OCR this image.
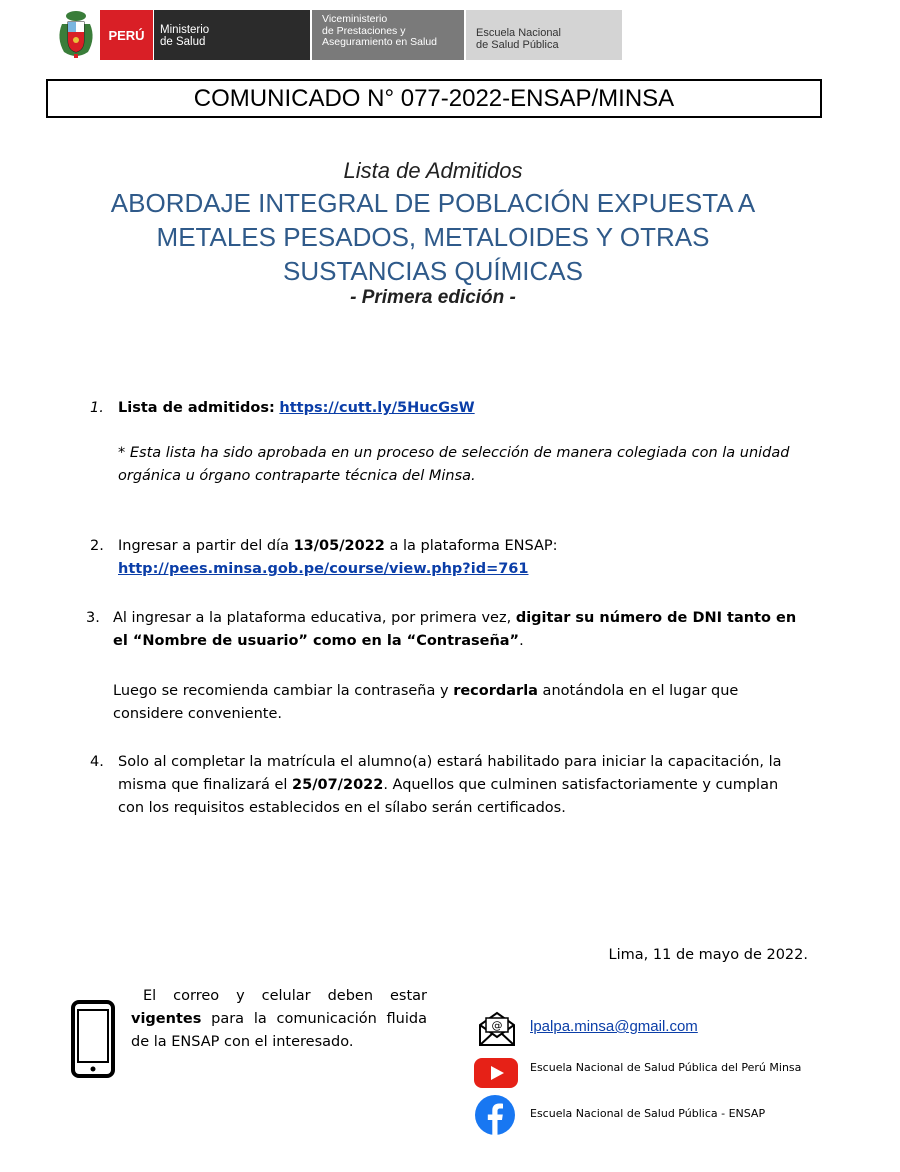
PERÚ	Ministerio
de Salud
Viceministerio
de Prestaciones y
Aseguramiento en Salud
Escuela Nacional
de Salud Pública
COMUNICADO N° 077-2022-ENSAP/MINSA
Lista de Admitidos
ABORDAJE INTEGRAL DE POBLACIÓN EXPUESTA A
METALES PESADOS, METALOIDES Y OTRAS
SUSTANCIAS QUÍMICAS
- Primera edición -
1. Lista de admitidos: https://cutt.ly/5HucGsW
* Esta lista ha sido aprobada en un proceso de selección de manera colegiada con la unidad
orgánica u órgano contraparte técnica del Minsa.
2. Ingresar a partir del día 13/05/2022 a la plataforma ENSAP:
http://pees.minsa.gob.pe/course/view.php?id=761
3. Al ingresar a la plataforma educativa, por primera vez, digitar su número de DNI tanto en
el “Nombre de usuario” como en la “Contraseña”.
Luego se recomienda cambiar la contraseña y recordarla anotándola en el lugar que
considere conveniente.
4. Solo al completar la matrícula el alumno(a) estará habilitado para iniciar la capacitación, la
misma que finalizará el 25/07/2022. Aquellos que culminen satisfactoriamente y cumplan
con los requisitos establecidos en el sílabo serán certificados.
Lima, 11 de mayo de 2022.
El correo y celular deben estar
vigentes para la comunicación fluida
de la ENSAP con el interesado.
@ lpalpa.minsa@gmail.com
Escuela Nacional de Salud Pública del Perú Minsa
Escuela Nacional de Salud Pública - ENSAP
